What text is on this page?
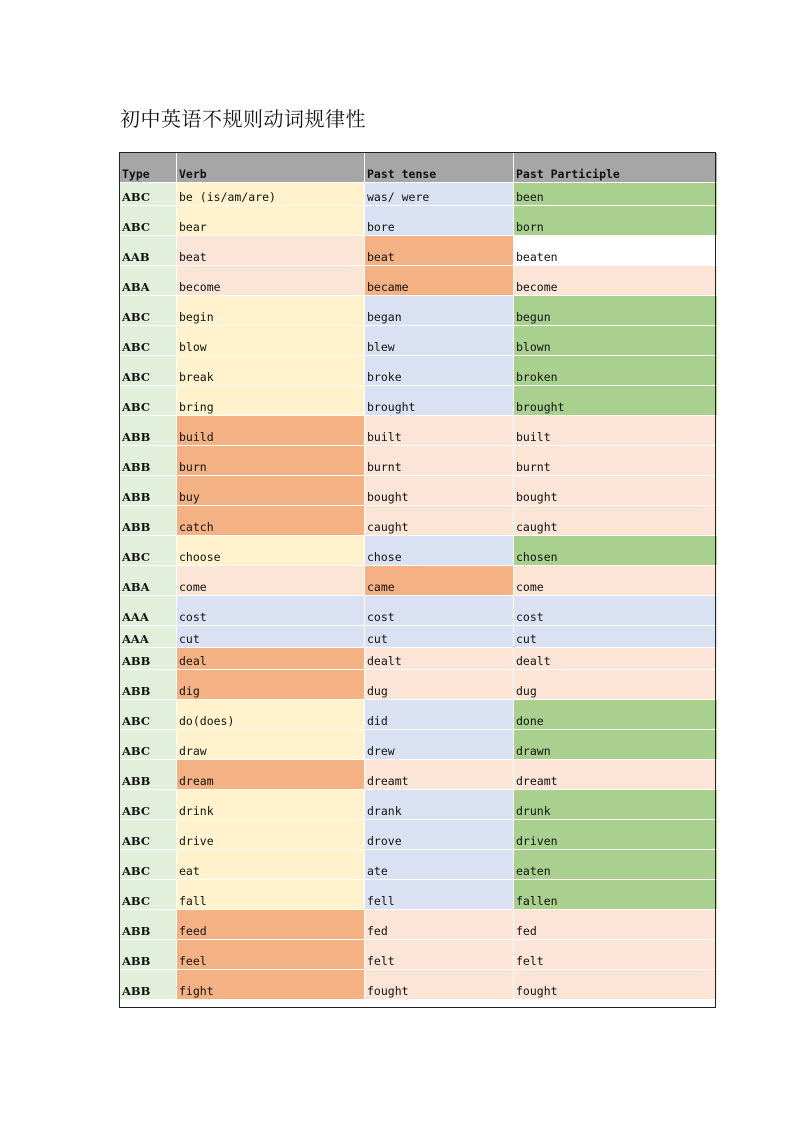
初中英语不规则动词规律性
Type	Verb	Past tense	Past Participle
ABC	be (is/am/are)	was/ were	been
ABC	bear	bore	born
AAB	beat	beat	beaten
ABA	become	became	become
ABC	begin	began	begun
ABC	blow	blew	blown
ABC	break	broke	broken
ABC	bring	brought	brought
ABB	build	built	built
ABB	burn	burnt	burnt
ABB	buy	bought	bought
ABB	catch	caught	caught
ABC	choose	chose	chosen
ABA	come	came	come
AAA	cost	cost	cost
AAA	cut	cut	cut
ABB	deal	dealt	dealt
ABB	dig	dug	dug
ABC	do(does)	did	done
ABC	draw	drew	drawn
ABB	dream	dreamt	dreamt
ABC	drink	drank	drunk
ABC	drive	drove	driven
ABC	eat	ate	eaten
ABC	fall	fell	fallen
ABB	feed	fed	fed
ABB	feel	felt	felt
ABB	fight	fought	fought
